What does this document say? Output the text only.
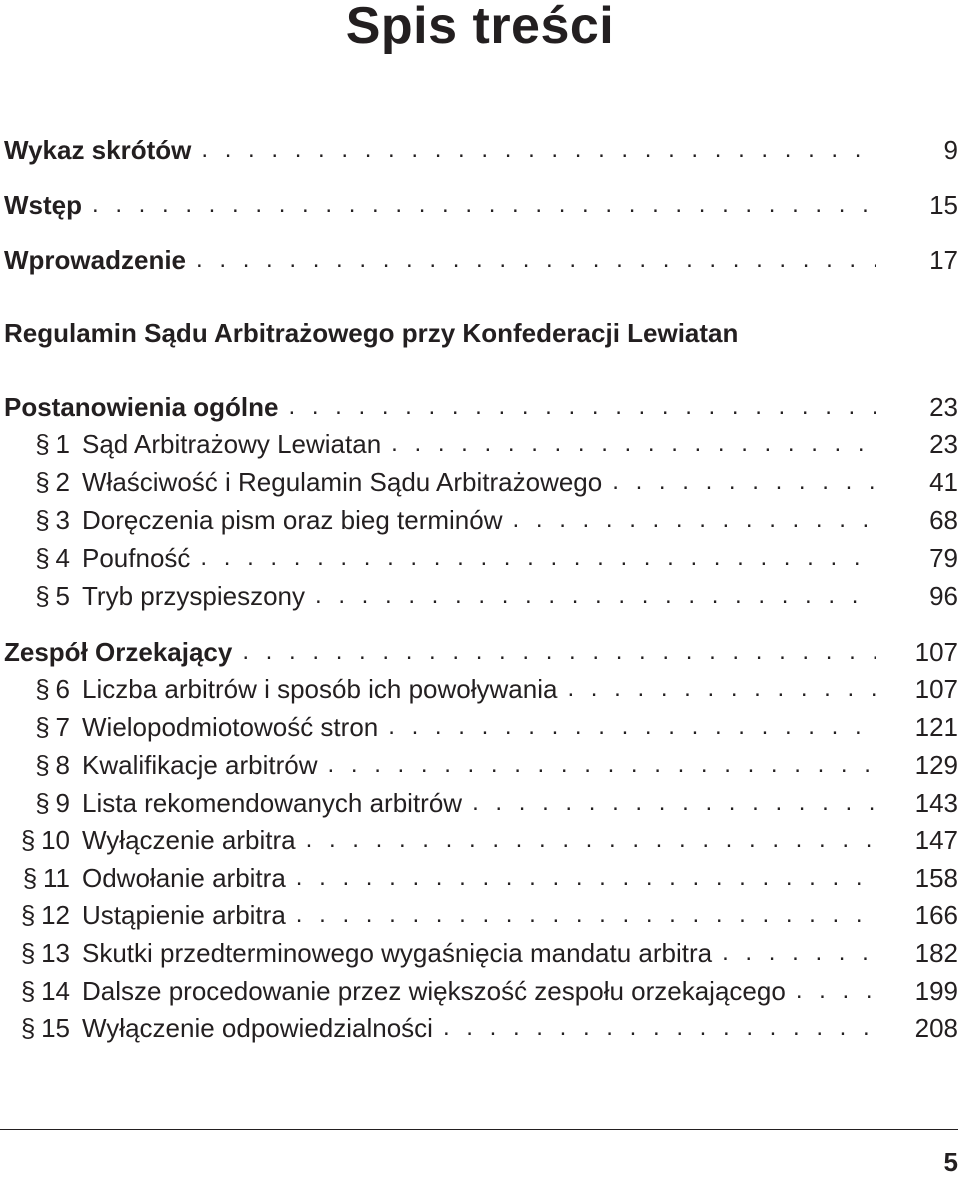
Spis treści
Wykaz skrótów . . .	9
Wstęp . . .	15
Wprowadzenie . . .	17
Regulamin Sądu Arbitrażowego przy Konfederacji Lewiatan
Postanowienia ogólne . . .	23
§ 1 Sąd Arbitrażowy Lewiatan . . .	23
§ 2 Właściwość i Regulamin Sądu Arbitrażowego . . .	41
§ 3 Doręczenia pism oraz bieg terminów . . .	68
§ 4 Poufność . . .	79
§ 5 Tryb przyspieszony . . .	96
Zespół Orzekający . . .	107
§ 6 Liczba arbitrów i sposób ich powoływania . . .	107
§ 7 Wielopodmiotowość stron . . .	121
§ 8 Kwalifikacje arbitrów . . .	129
§ 9 Lista rekomendowanych arbitrów . . .	143
§ 10 Wyłączenie arbitra . . .	147
§ 11 Odwołanie arbitra . . .	158
§ 12 Ustąpienie arbitra . . .	166
§ 13 Skutki przedterminowego wygaśnięcia mandatu arbitra . . .	182
§ 14 Dalsze procedowanie przez większość zespołu orzekającego . . .	199
§ 15 Wyłączenie odpowiedzialności . . .	208
5
